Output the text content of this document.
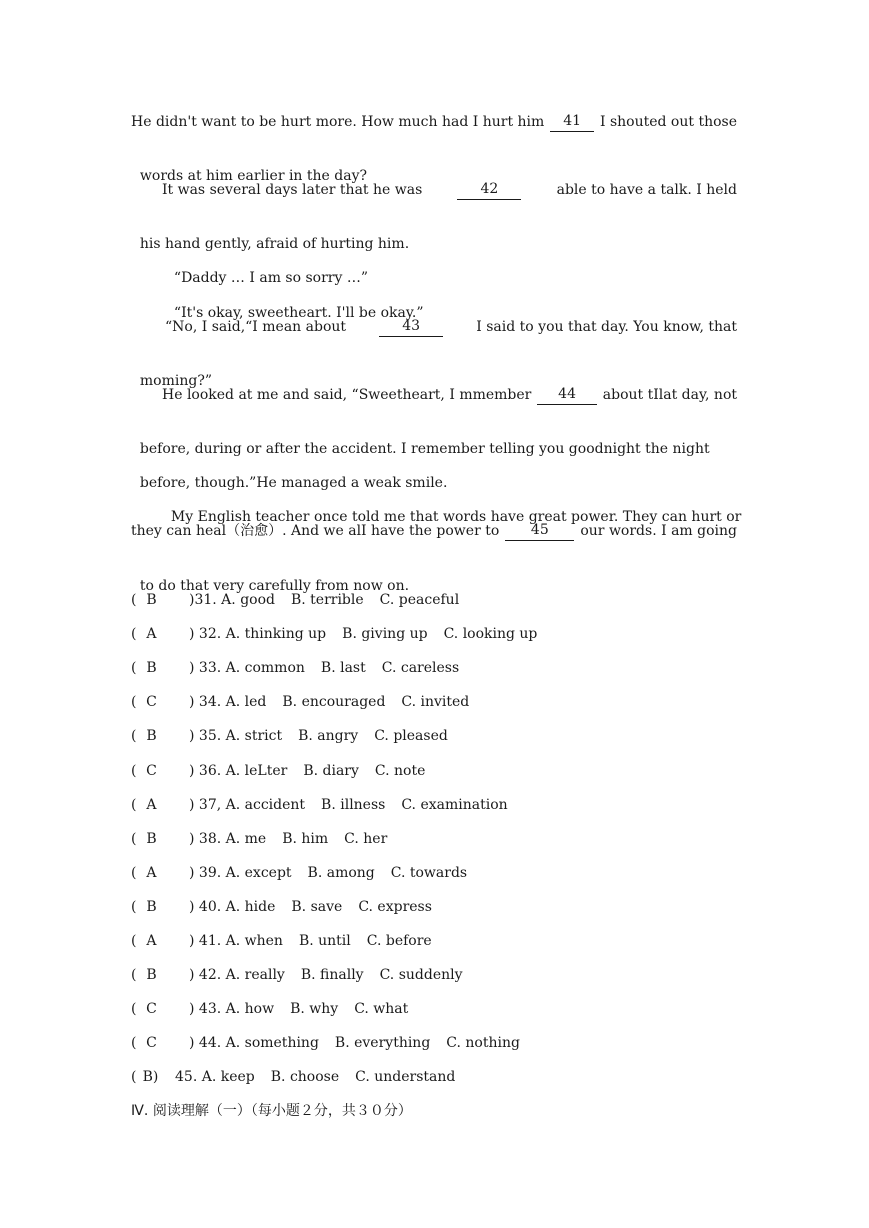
He didn't want to be hurt more. How much had I hurt him	41	I shouted out those

words at him earlier in the day?

It was several days later that he was	42	able to have a talk. I held

his hand gently, afraid of hurting him.

“Daddy … I am so sorry …”

“It's okay, sweetheart. I'll be okay.”

“No, I said,“I mean about	43	I said to you that day. You know, that

moming?”

He looked at me and said, “Sweetheart, I mmember	44	about tIlat day, not

before, during or after the accident. I remember telling you goodnight the night

before, though.”He managed a weak smile.

My English teacher once told me that words have great power. They can hurt or

they can heal（治愈）. And we alI have the power to	45	our words. I am going

to do that very carefully from now on.

( B )31. A. good B. terrible C. peaceful
( A ) 32. A. thinking up B. giving up C. looking up
( B ) 33. A. common B. last C. careless
( C ) 34. A. led B. encouraged C. invited
( B ) 35. A. strict B. angry C. pleased
( C ) 36. A. leLter B. diary C. note
( A ) 37, A. accident B. illness C. examination
( B ) 38. A. me B. him C. her
( A ) 39. A. except B. among C. towards
( B ) 40. A. hide B. save C. express
( A ) 41. A. when B. until C. before
( B ) 42. A. really B. finally C. suddenly
( C ) 43. A. how B. why C. what
( C ) 44. A. something B. everything C. nothing
( B) 45. A. keep B. choose C. understand
Ⅳ. 阅读理解（一）（每小题２分，共３０分）
